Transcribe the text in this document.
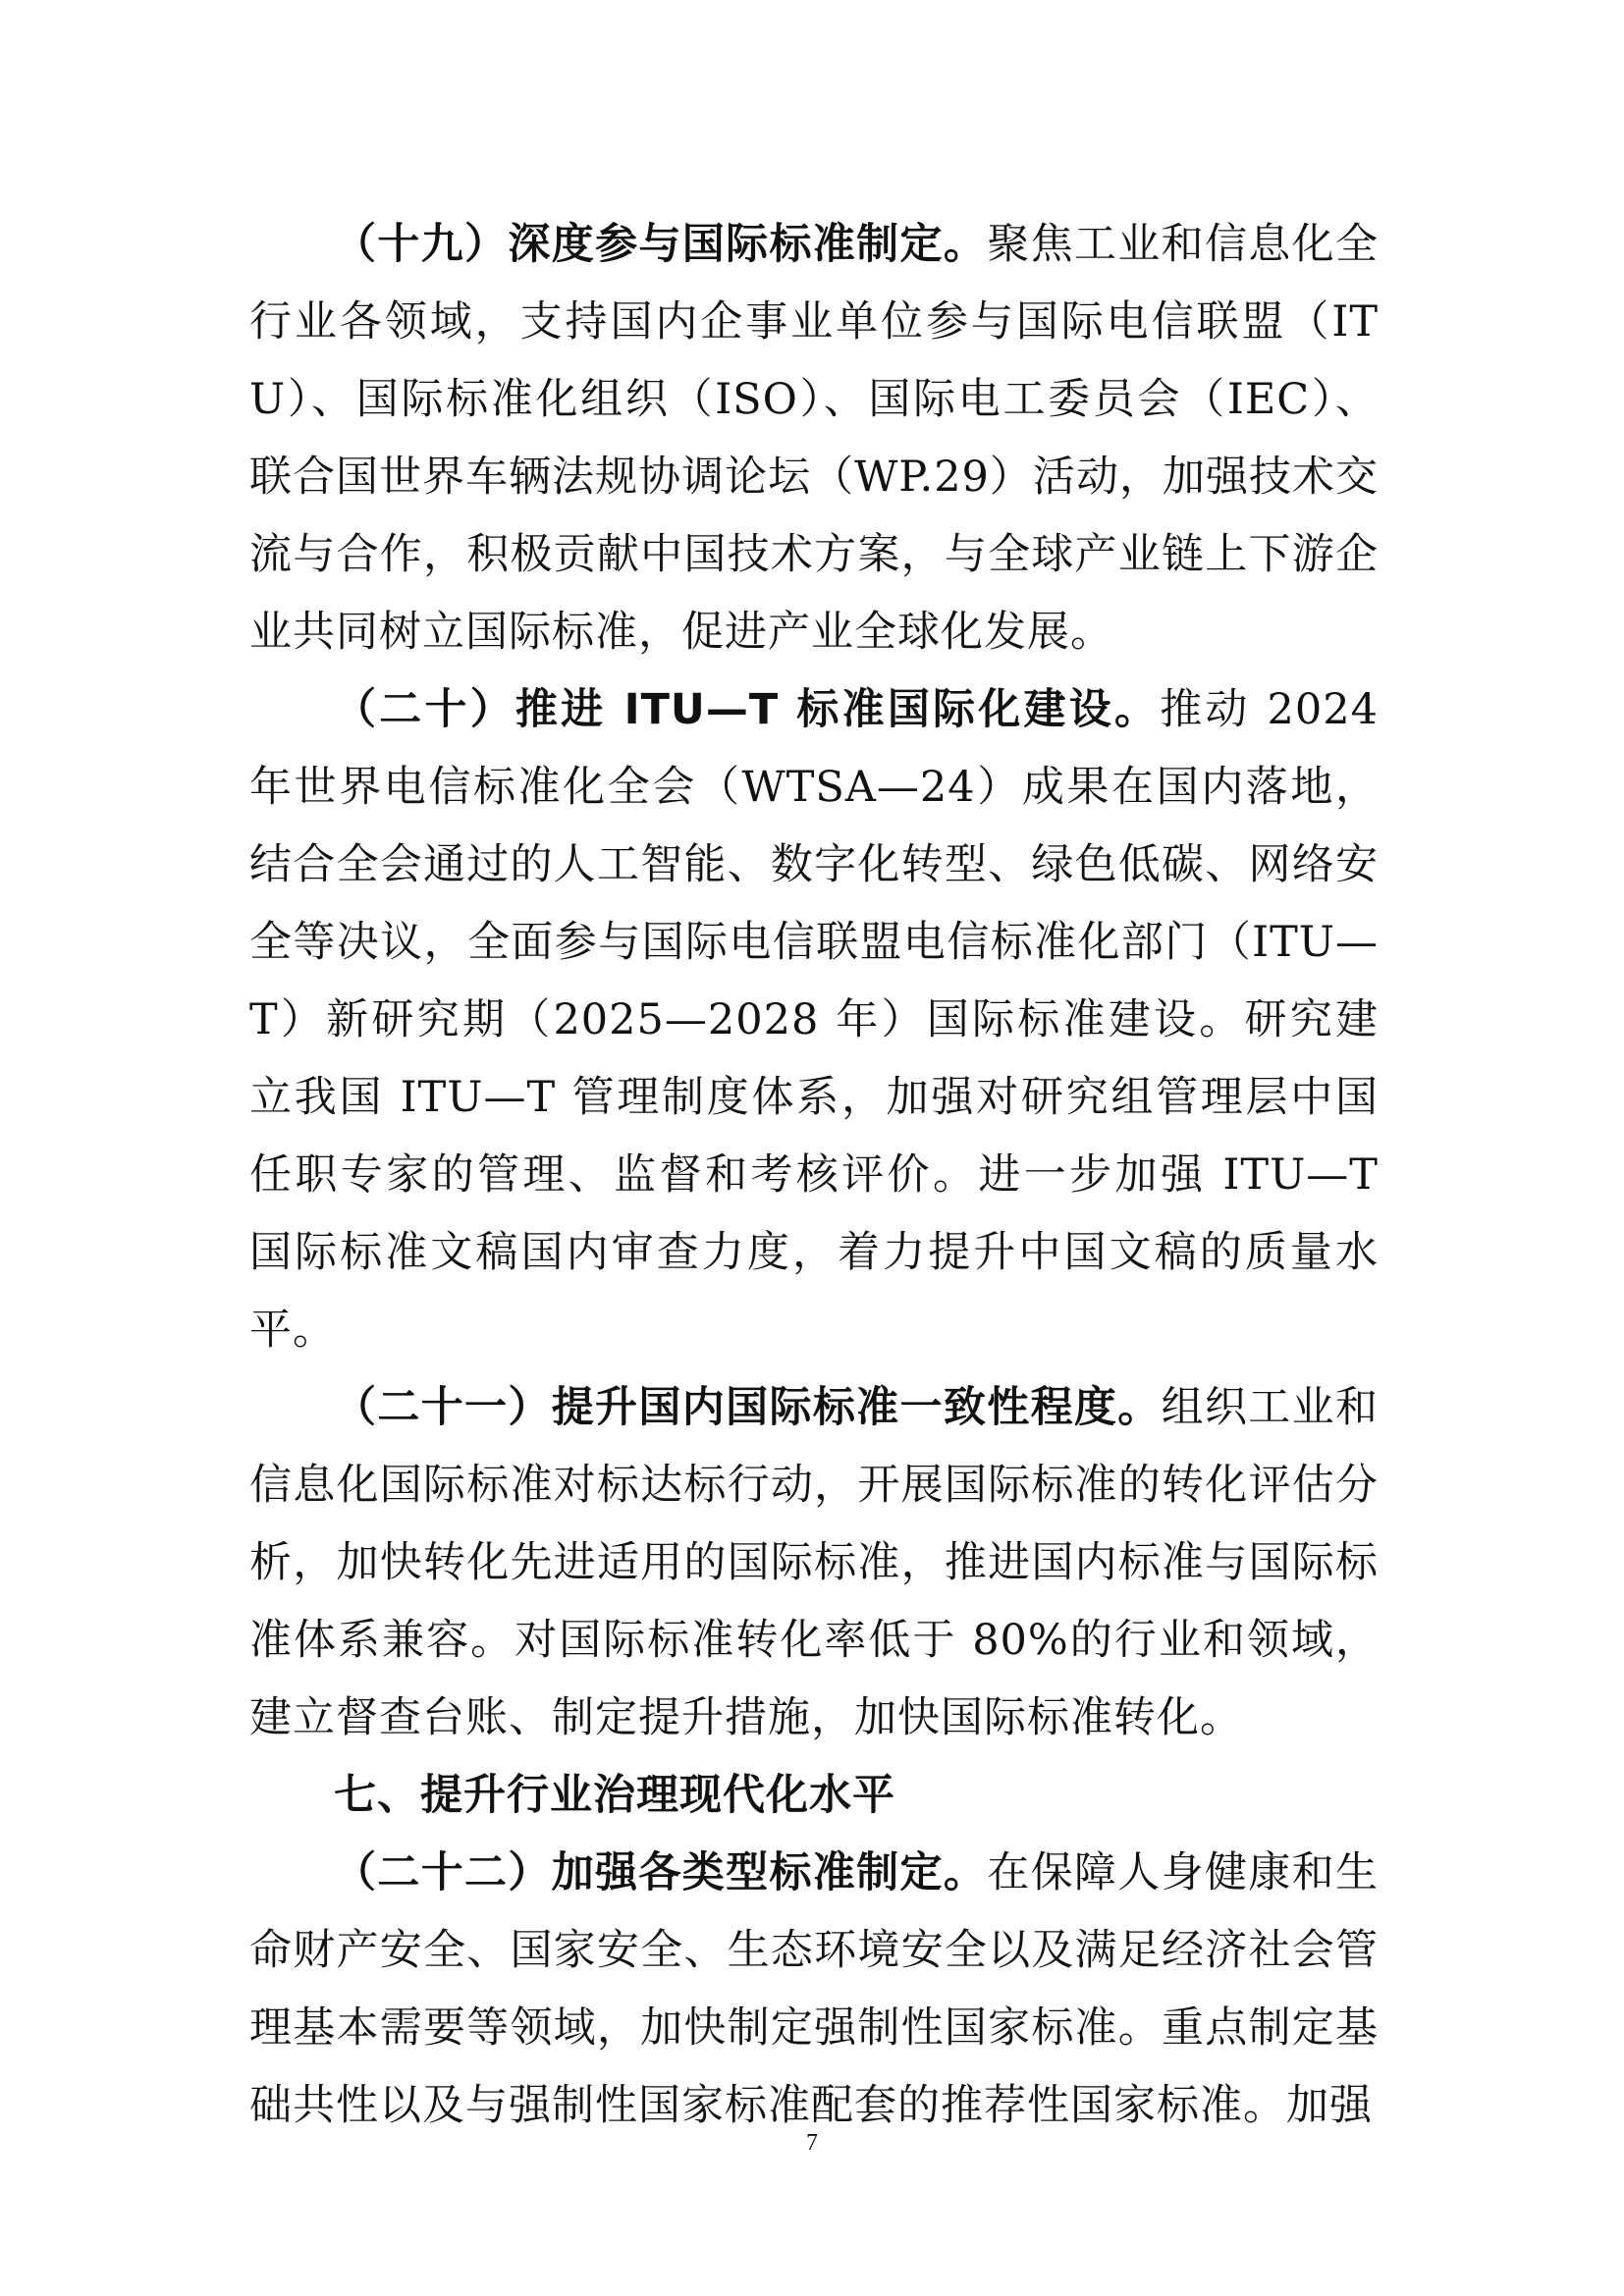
（十九）深度参与国际标准制定。聚焦工业和信息化全行业各领域，支持国内企事业单位参与国际电信联盟（ITU）、国际标准化组织（ISO）、国际电工委员会（IEC）、联合国世界车辆法规协调论坛（WP.29）活动，加强技术交流与合作，积极贡献中国技术方案，与全球产业链上下游企业共同树立国际标准，促进产业全球化发展。

（二十）推进 ITU—T 标准国际化建设。推动 2024 年世界电信标准化全会（WTSA—24）成果在国内落地，结合全会通过的人工智能、数字化转型、绿色低碳、网络安全等决议，全面参与国际电信联盟电信标准化部门（ITU—T）新研究期（2025—2028 年）国际标准建设。研究建立我国 ITU—T 管理制度体系，加强对研究组管理层中国任职专家的管理、监督和考核评价。进一步加强 ITU—T 国际标准文稿国内审查力度，着力提升中国文稿的质量水平。

（二十一）提升国内国际标准一致性程度。组织工业和信息化国际标准对标达标行动，开展国际标准的转化评估分析，加快转化先进适用的国际标准，推进国内标准与国际标准体系兼容。对国际标准转化率低于 80%的行业和领域，建立督查台账、制定提升措施，加快国际标准转化。

七、提升行业治理现代化水平

（二十二）加强各类型标准制定。在保障人身健康和生命财产安全、国家安全、生态环境安全以及满足经济社会管理基本需要等领域，加快制定强制性国家标准。重点制定基础共性以及与强制性国家标准配套的推荐性国家标准。加强

7
